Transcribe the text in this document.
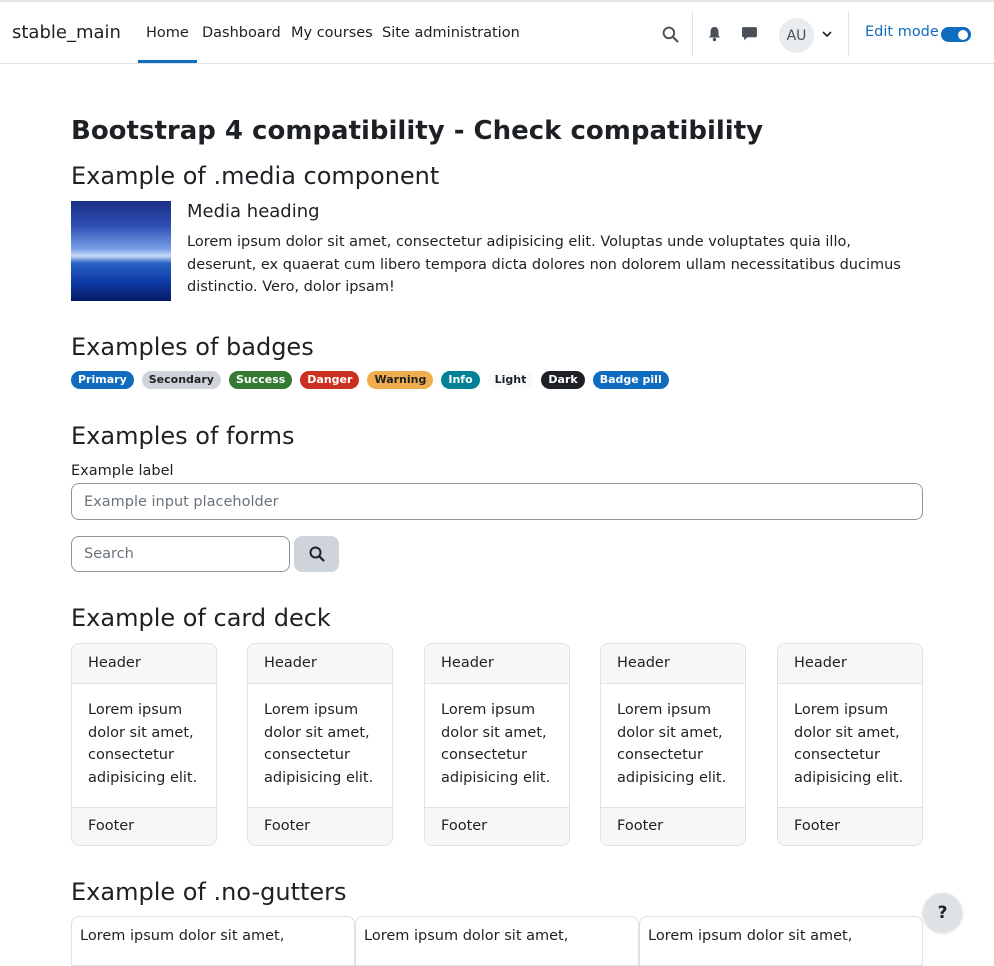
stable_main Home Dashboard My courses Site administration	AU	Edit mode
Bootstrap 4 compatibility - Check compatibility
Example of .media component
Media heading

Lorem ipsum dolor sit amet, consectetur adipisicing elit. Voluptas unde voluptates quia illo, deserunt, ex quaerat cum libero tempora dicta dolores non dolorem ullam necessitatibus ducimus distinctio. Vero, dolor ipsam!

Examples of badges
Primary	Secondary	Success	Danger	Warning	Info	Light	Dark	Badge pill
Examples of forms
Example label
Example input placeholder
Search
Example of card deck
Header
Lorem ipsum dolor sit amet, consectetur adipisicing elit.
Footer
Header
Lorem ipsum dolor sit amet, consectetur adipisicing elit.
Footer
Header
Lorem ipsum dolor sit amet, consectetur adipisicing elit.
Footer
Header
Lorem ipsum dolor sit amet, consectetur adipisicing elit.
Footer
Header
Lorem ipsum dolor sit amet, consectetur adipisicing elit.
Footer
Example of .no-gutters
Lorem ipsum dolor sit amet,	Lorem ipsum dolor sit amet,	Lorem ipsum dolor sit amet,
?
